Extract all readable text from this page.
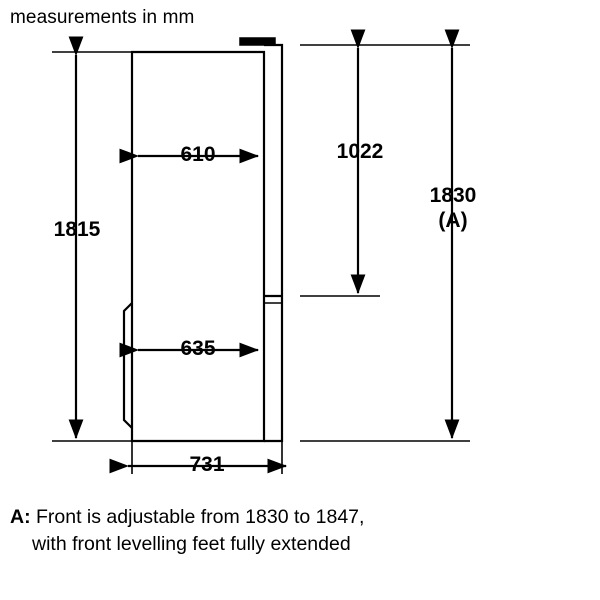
measurements in mm
1815
610	1022
1830
(A)
635
731
A: Front is adjustable from 1830 to 1847,
with front levelling feet fully extended
